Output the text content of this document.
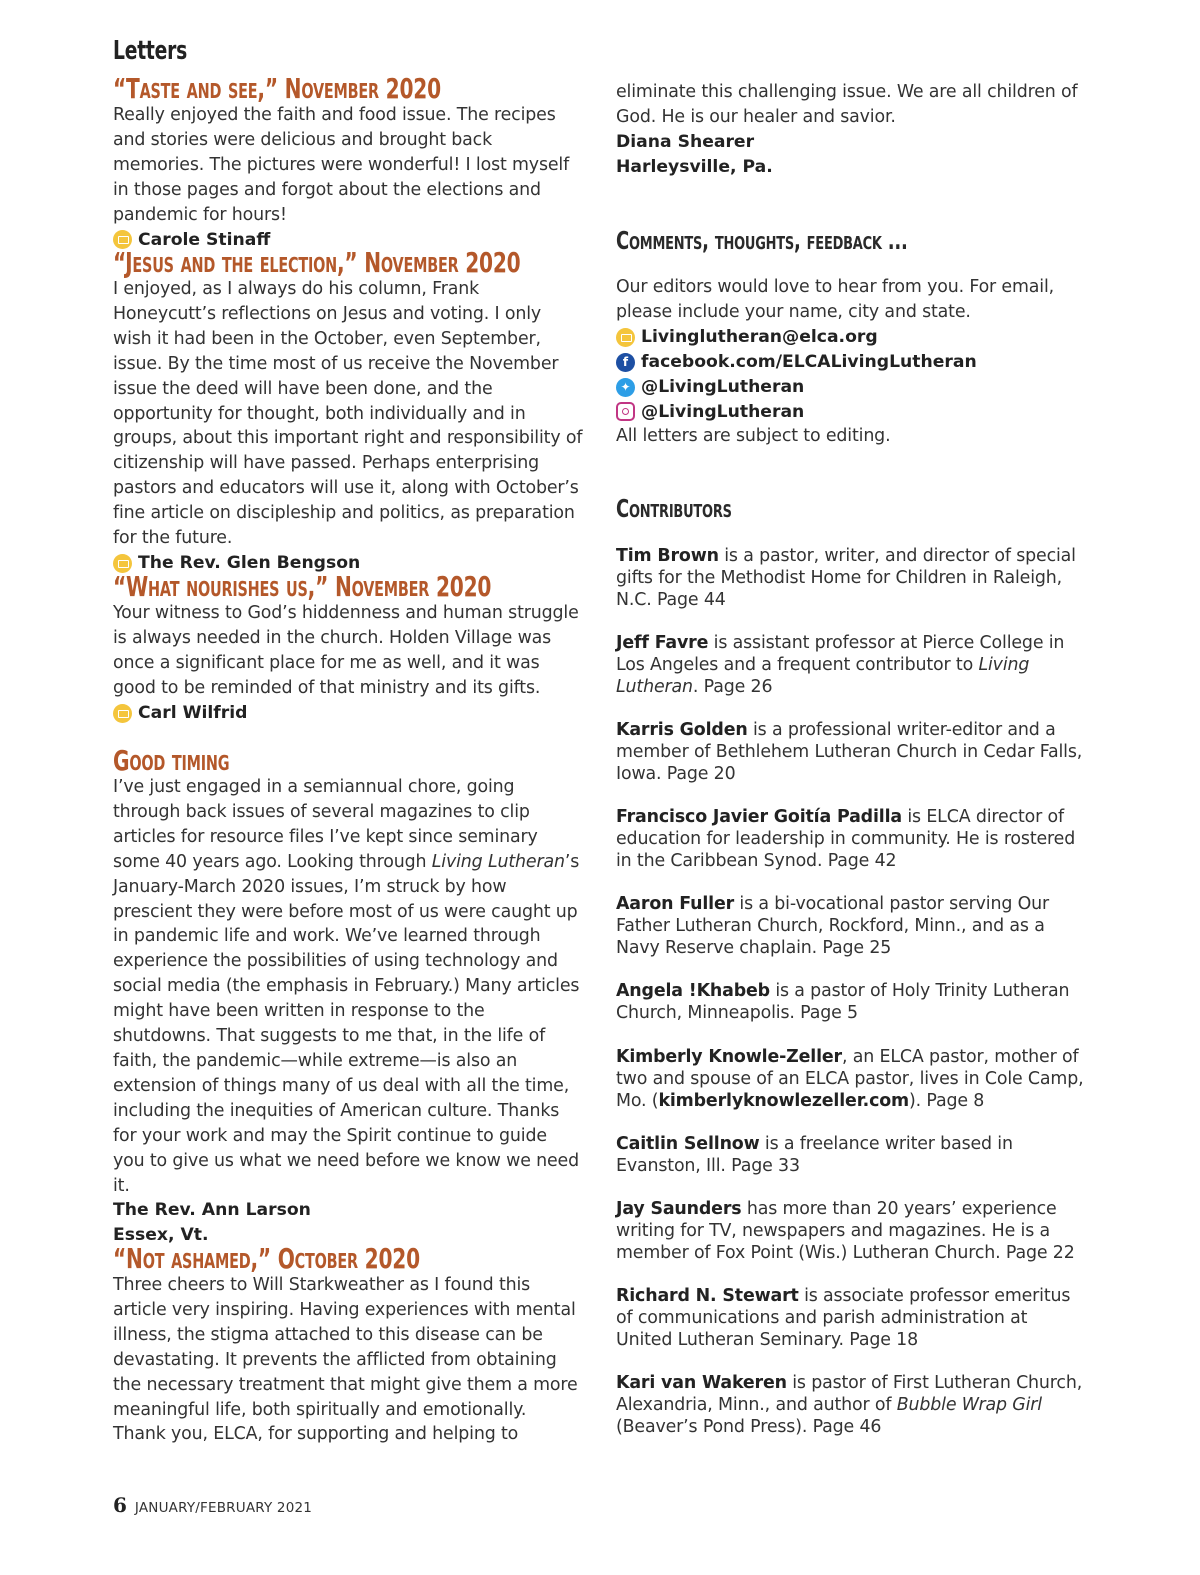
Letters
“Taste and see,” November 2020

Really enjoyed the faith and food issue. The recipes and stories were delicious and brought back memories. The pictures were wonderful! I lost myself in those pages and forgot about the elections and pandemic for hours!

Carole Stinaff
“Jesus and the election,” November 2020

I enjoyed, as I always do his column, Frank Honeycutt’s reflections on Jesus and voting. I only wish it had been in the October, even September, issue. By the time most of us receive the November issue the deed will have been done, and the opportunity for thought, both individually and in groups, about this important right and responsibility of citizenship will have passed. Perhaps enterprising pastors and educators will use it, along with October’s fine article on discipleship and politics, as preparation for the future.

The Rev. Glen Bengson
“What nourishes us,” November 2020

Your witness to God’s hiddenness and human struggle is always needed in the church. Holden Village was once a significant place for me as well, and it was good to be reminded of that ministry and its gifts.

Carl Wilfrid
Good timing

I’ve just engaged in a semiannual chore, going through back issues of several magazines to clip articles for resource files I’ve kept since seminary some 40 years ago. Looking through Living Lutheran’s January-March 2020 issues, I’m struck by how prescient they were before most of us were caught up in pandemic life and work. We’ve learned through experience the possibilities of using technology and social media (the emphasis in February.) Many articles might have been written in response to the shutdowns. That suggests to me that, in the life of faith, the pandemic—while extreme—is also an extension of things many of us deal with all the time, including the inequities of American culture. Thanks for your work and may the Spirit continue to guide you to give us what we need before we know we need it.

The Rev. Ann Larson
Essex, Vt.
“Not ashamed,” October 2020

Three cheers to Will Starkweather as I found this article very inspiring. Having experiences with mental illness, the stigma attached to this disease can be devastating. It prevents the afflicted from obtaining the necessary treatment that might give them a more meaningful life, both spiritually and emotionally. Thank you, ELCA, for supporting and helping to

eliminate this challenging issue. We are all children of God. He is our healer and savior.

Diana Shearer
Harleysville, Pa.
Comments, thoughts, feedback ...

Our editors would love to hear from you. For email, please include your name, city and state.

Livinglutheran@elca.org
f facebook.com/ELCALivingLutheran
✦ @LivingLutheran
@LivingLutheran

All letters are subject to editing.

Contributors

Tim Brown is a pastor, writer, and director of special gifts for the Methodist Home for Children in Raleigh, N.C. Page 44

Jeff Favre is assistant professor at Pierce College in Los Angeles and a frequent contributor to Living Lutheran. Page 26

Karris Golden is a professional writer-editor and a member of Bethlehem Lutheran Church in Cedar Falls, Iowa. Page 20

Francisco Javier Goitía Padilla is ELCA director of education for leadership in community. He is rostered in the Caribbean Synod. Page 42

Aaron Fuller is a bi-vocational pastor serving Our Father Lutheran Church, Rockford, Minn., and as a Navy Reserve chaplain. Page 25

Angela !Khabeb is a pastor of Holy Trinity Lutheran Church, Minneapolis. Page 5

Kimberly Knowle-Zeller, an ELCA pastor, mother of two and spouse of an ELCA pastor, lives in Cole Camp, Mo. (kimberlyknowlezeller.com). Page 8

Caitlin Sellnow is a freelance writer based in Evanston, Ill. Page 33

Jay Saunders has more than 20 years’ experience writing for TV, newspapers and magazines. He is a member of Fox Point (Wis.) Lutheran Church. Page 22

Richard N. Stewart is associate professor emeritus of communications and parish administration at United Lutheran Seminary. Page 18

Kari van Wakeren is pastor of First Lutheran Church, Alexandria, Minn., and author of Bubble Wrap Girl (Beaver’s Pond Press). Page 46

6 JANUARY/FEBRUARY 2021
